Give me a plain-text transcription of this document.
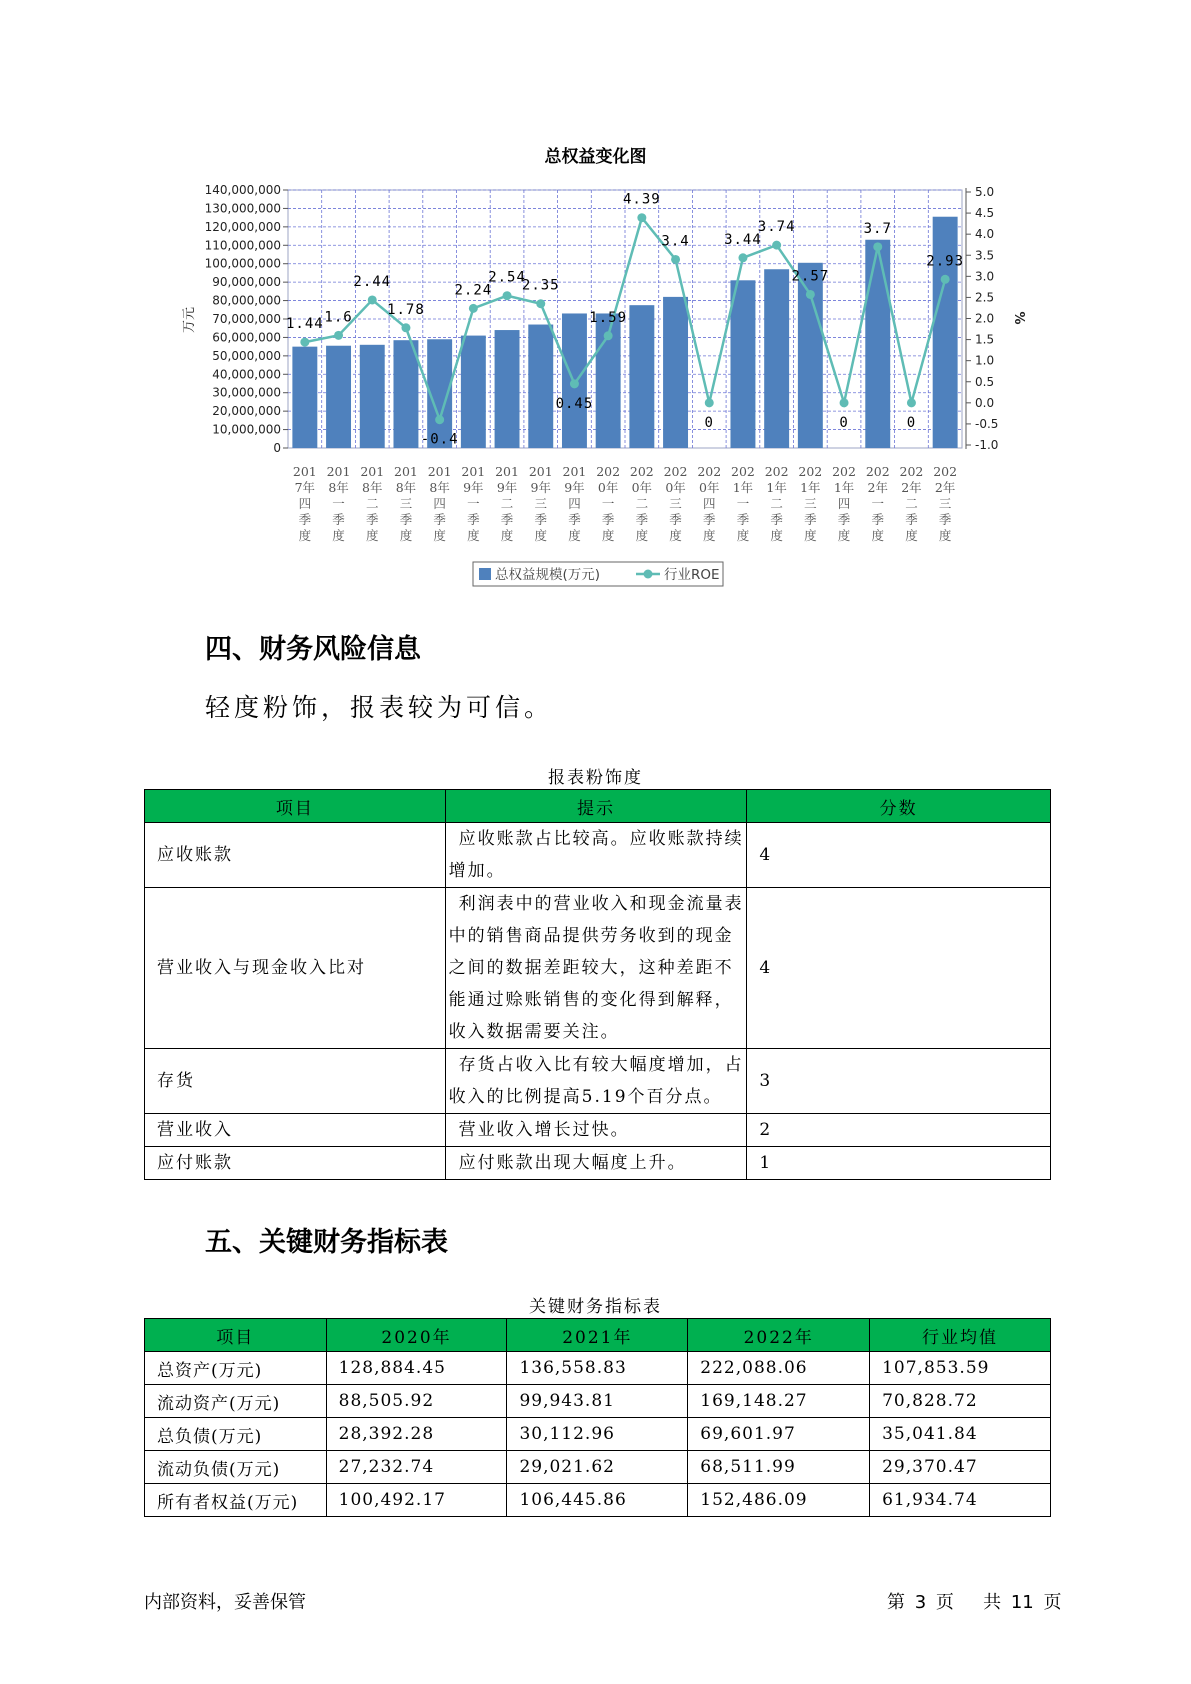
总权益变化图
0
10,000,000
20,000,000
30,000,000
40,000,000
50,000,000
60,000,000
70,000,000
80,000,000
90,000,000
100,000,000
110,000,000
120,000,000
130,000,000
140,000,000
万元
-1.0
-0.5
0.0
0.5
1.0
1.5
2.0
2.5
3.0
3.5
4.0
4.5
5.0
%
1.44 1.6
2.44
1.78
-0.4
2.24
2.54
2.35
0.45
1.59
4.39
3.4
0
3.44
3.74
2.57
0
3.7
0
2.93
201
7年
四
季
度
201
8年
一
季
度
201
8年
二
季
度
201
8年
三
季
度
201
8年
四
季
度
201
9年
一
季
度
201
9年
二
季
度
201
9年
三
季
度
201
9年
四
季
度
202
0年
一
季
度
202
0年
二
季
度
202
0年
三
季
度
202
0年
四
季
度
202
1年
一
季
度
202
1年
二
季
度
202
1年
三
季
度
202
1年
四
季
度
202
2年
一
季
度
202
2年
二
季
度
202
2年
三
季
度
总权益规模(万元)	行业ROE
四、财务风险信息
轻度粉饰，报表较为可信。
报表粉饰度
项目	提示	分数
应收账款	应收账款占比较高。应收账款持续增加。	4
营业收入与现金收入比对	利润表中的营业收入和现金流量表中的销售商品提供劳务收到的现金之间的数据差距较大，这种差距不能通过赊账销售的变化得到解释，收入数据需要关注。	4
存货	存货占收入比有较大幅度增加，占收入的比例提高5.19个百分点。	3
营业收入	营业收入增长过快。	2
应付账款	应付账款出现大幅度上升。	1
五、关键财务指标表
关键财务指标表
项目	2020年	2021年	2022年	行业均值
总资产(万元)	128,884.45	136,558.83	222,088.06	107,853.59
流动资产(万元)	88,505.92	99,943.81	169,148.27	70,828.72
总负债(万元)	28,392.28	30,112.96	69,601.97	35,041.84
流动负债(万元)	27,232.74	29,021.62	68,511.99	29,370.47
所有者权益(万元)	100,492.17	106,445.86	152,486.09	61,934.74
内部资料，妥善保管	第 3 页 共 11 页
